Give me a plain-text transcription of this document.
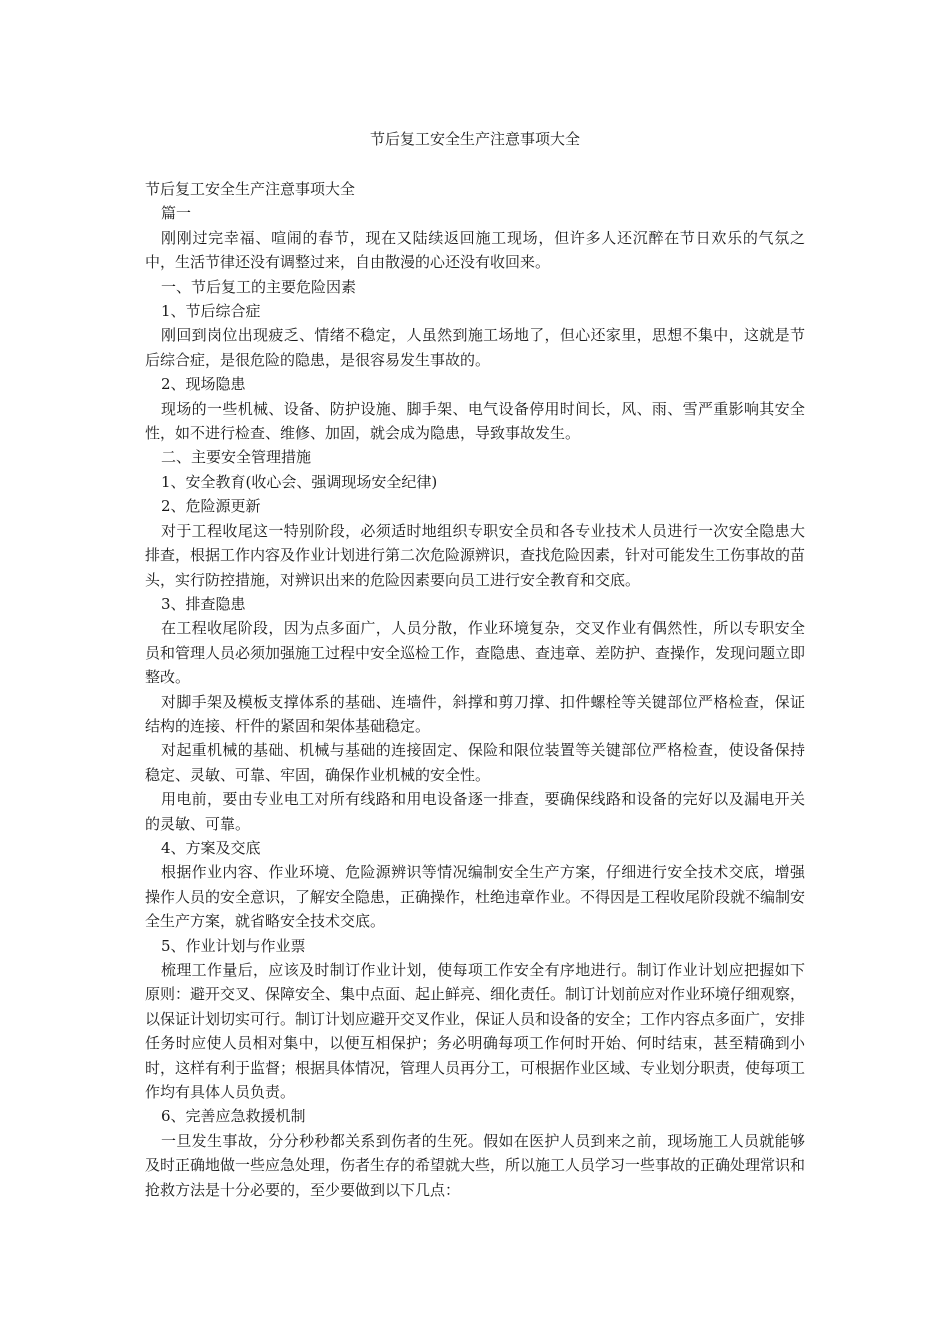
节后复工安全生产注意事项大全

节后复工安全生产注意事项大全

篇一

刚刚过完幸福、喧闹的春节，现在又陆续返回施工现场，但许多人还沉醉在节日欢乐的气氛之中，生活节律还没有调整过来，自由散漫的心还没有收回来。

一、节后复工的主要危险因素

1、节后综合症

刚回到岗位出现疲乏、情绪不稳定，人虽然到施工场地了，但心还家里，思想不集中，这就是节后综合症，是很危险的隐患，是很容易发生事故的。

2、现场隐患

现场的一些机械、设备、防护设施、脚手架、电气设备停用时间长，风、雨、雪严重影响其安全性，如不进行检查、维修、加固，就会成为隐患，导致事故发生。

二、主要安全管理措施

1、安全教育(收心会、强调现场安全纪律)

2、危险源更新

对于工程收尾这一特别阶段，必须适时地组织专职安全员和各专业技术人员进行一次安全隐患大排查，根据工作内容及作业计划进行第二次危险源辨识，查找危险因素，针对可能发生工伤事故的苗头，实行防控措施，对辨识出来的危险因素要向员工进行安全教育和交底。

3、排查隐患

在工程收尾阶段，因为点多面广，人员分散，作业环境复杂，交叉作业有偶然性，所以专职安全员和管理人员必须加强施工过程中安全巡检工作，查隐患、查违章、差防护、查操作，发现问题立即整改。

对脚手架及模板支撑体系的基础、连墙件，斜撑和剪刀撑、扣件螺栓等关键部位严格检查，保证结构的连接、杆件的紧固和架体基础稳定。

对起重机械的基础、机械与基础的连接固定、保险和限位装置等关键部位严格检查，使设备保持稳定、灵敏、可靠、牢固，确保作业机械的安全性。

用电前，要由专业电工对所有线路和用电设备逐一排查，要确保线路和设备的完好以及漏电开关的灵敏、可靠。

4、方案及交底

根据作业内容、作业环境、危险源辨识等情况编制安全生产方案，仔细进行安全技术交底，增强操作人员的安全意识，了解安全隐患，正确操作，杜绝违章作业。不得因是工程收尾阶段就不编制安全生产方案，就省略安全技术交底。

5、作业计划与作业票

梳理工作量后，应该及时制订作业计划，使每项工作安全有序地进行。制订作业计划应把握如下原则：避开交叉、保障安全、集中点面、起止鲜亮、细化责任。制订计划前应对作业环境仔细观察，以保证计划切实可行。制订计划应避开交叉作业，保证人员和设备的安全；工作内容点多面广，安排任务时应使人员相对集中，以便互相保护；务必明确每项工作何时开始、何时结束，甚至精确到小时，这样有利于监督；根据具体情况，管理人员再分工，可根据作业区域、专业划分职责，使每项工作均有具体人员负责。

6、完善应急救援机制

一旦发生事故，分分秒秒都关系到伤者的生死。假如在医护人员到来之前，现场施工人员就能够及时正确地做一些应急处理，伤者生存的希望就大些，所以施工人员学习一些事故的正确处理常识和抢救方法是十分必要的，至少要做到以下几点：
